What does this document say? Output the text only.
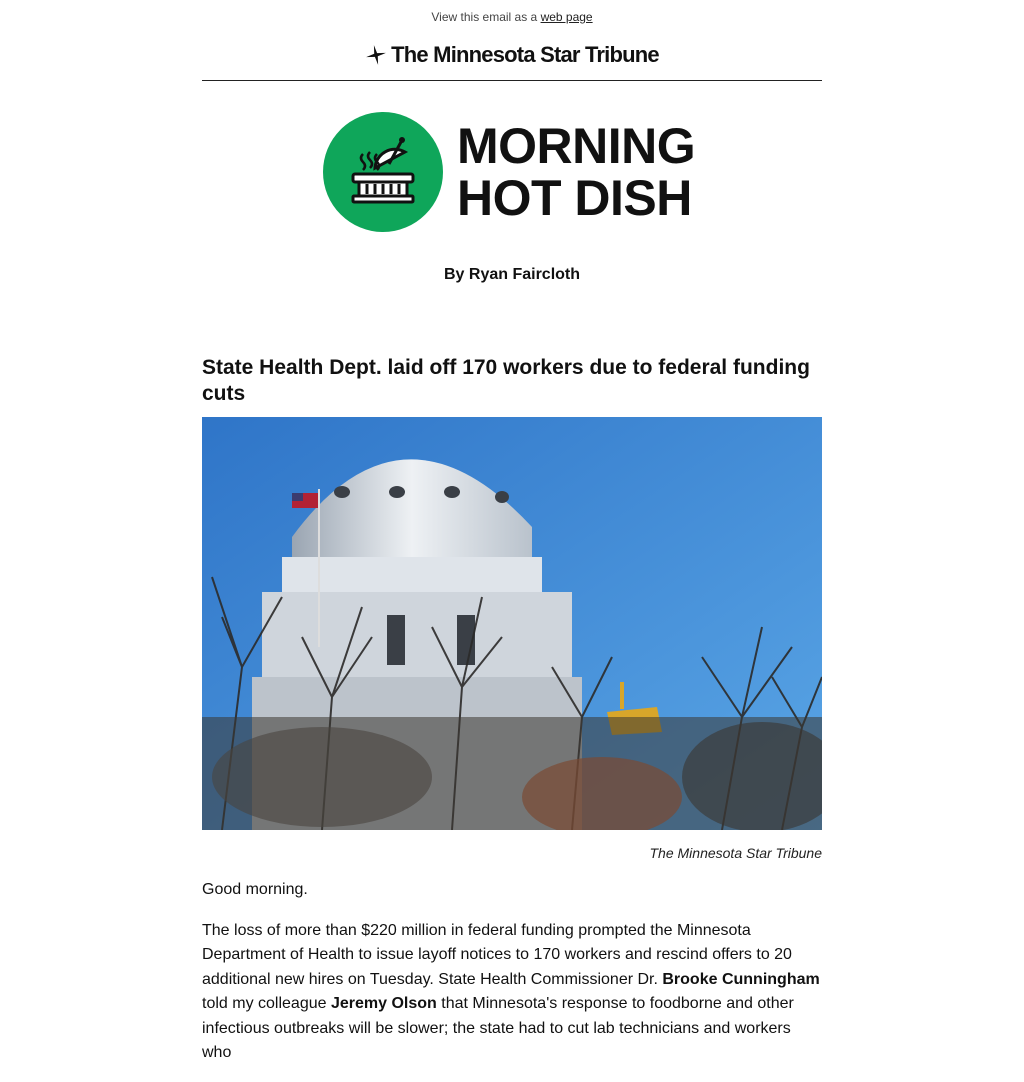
View this email as a web page
The Minnesota Star Tribune
MORNING
HOT DISH
By Ryan Faircloth
State Health Dept. laid off 170 workers due to federal funding cuts
The Minnesota Star Tribune

Good morning.

The loss of more than $220 million in federal funding prompted the Minnesota Department of Health to issue layoff notices to 170 workers and rescind offers to 20 additional new hires on Tuesday. State Health Commissioner Dr. Brooke Cunningham told my colleague Jeremy Olson that Minnesota's response to foodborne and other infectious outbreaks will be slower; the state had to cut lab technicians and workers who
